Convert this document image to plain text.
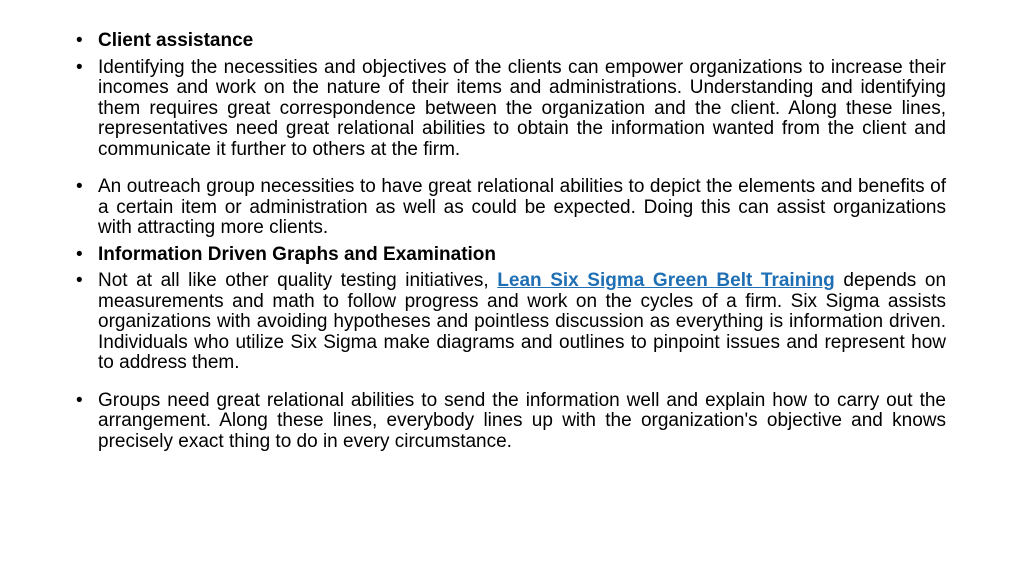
• Client assistance
• Identifying the necessities and objectives of the clients can empower organizations to increase their incomes and work on the nature of their items and administrations. Understanding and identifying them requires great correspondence between the organization and the client. Along these lines, representatives need great relational abilities to obtain the information wanted from the client and communicate it further to others at the firm.
• An outreach group necessities to have great relational abilities to depict the elements and benefits of a certain item or administration as well as could be expected. Doing this can assist organizations with attracting more clients.
• Information Driven Graphs and Examination
• Not at all like other quality testing initiatives, Lean Six Sigma Green Belt Training depends on measurements and math to follow progress and work on the cycles of a firm. Six Sigma assists organizations with avoiding hypotheses and pointless discussion as everything is information driven. Individuals who utilize Six Sigma make diagrams and outlines to pinpoint issues and represent how to address them.
• Groups need great relational abilities to send the information well and explain how to carry out the arrangement. Along these lines, everybody lines up with the organization's objective and knows precisely exact thing to do in every circumstance.
